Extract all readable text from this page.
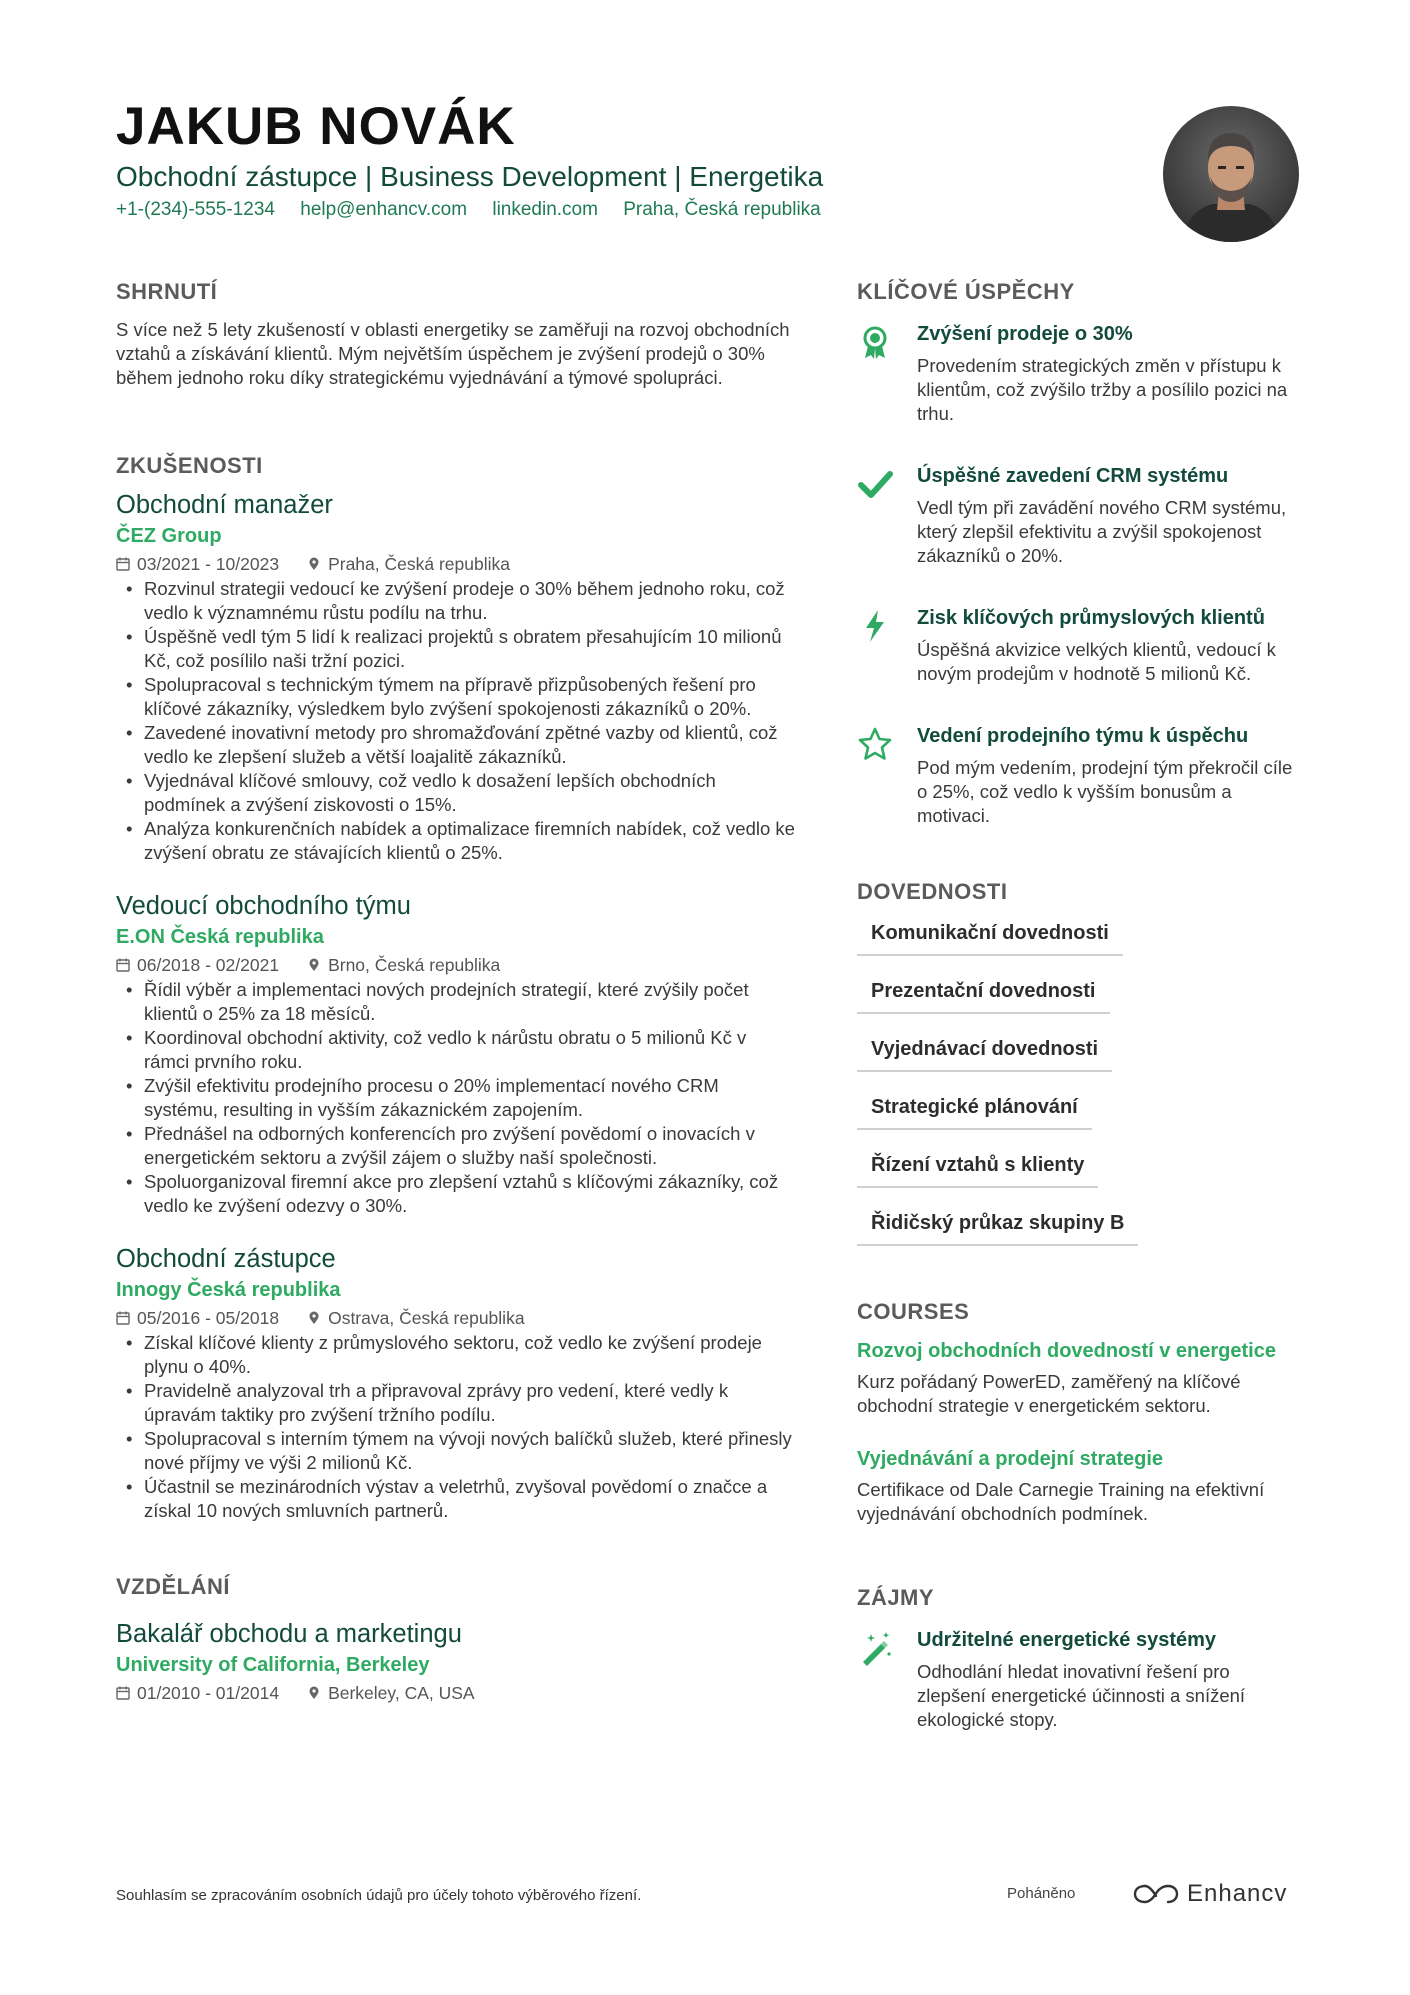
JAKUB NOVÁK
Obchodní zástupce | Business Development | Energetika
+1-(234)-555-1234 help@enhancv.com linkedin.com Praha, Česká republika
SHRNUTÍ

S více než 5 lety zkušeností v oblasti energetiky se zaměřuji na rozvoj obchodních vztahů a získávání klientů. Mým největším úspěchem je zvýšení prodejů o 30% během jednoho roku díky strategickému vyjednávání a týmové spolupráci.

ZKUŠENOSTI
Obchodní manažer
ČEZ Group
03/2021 - 10/2023	Praha, Česká republika
• Rozvinul strategii vedoucí ke zvýšení prodeje o 30% během jednoho roku, což vedlo k významnému růstu podílu na trhu.
• Úspěšně vedl tým 5 lidí k realizaci projektů s obratem přesahujícím 10 milionů Kč, což posílilo naši tržní pozici.
• Spolupracoval s technickým týmem na přípravě přizpůsobených řešení pro klíčové zákazníky, výsledkem bylo zvýšení spokojenosti zákazníků o 20%.
• Zavedené inovativní metody pro shromažďování zpětné vazby od klientů, což vedlo ke zlepšení služeb a větší loajalitě zákazníků.
• Vyjednával klíčové smlouvy, což vedlo k dosažení lepších obchodních podmínek a zvýšení ziskovosti o 15%.
• Analýza konkurenčních nabídek a optimalizace firemních nabídek, což vedlo ke zvýšení obratu ze stávajících klientů o 25%.
Vedoucí obchodního týmu
E.ON Česká republika
06/2018 - 02/2021	Brno, Česká republika
• Řídil výběr a implementaci nových prodejních strategií, které zvýšily počet klientů o 25% za 18 měsíců.
• Koordinoval obchodní aktivity, což vedlo k nárůstu obratu o 5 milionů Kč v rámci prvního roku.
• Zvýšil efektivitu prodejního procesu o 20% implementací nového CRM systému, resulting in vyšším zákaznickém zapojením.
• Přednášel na odborných konferencích pro zvýšení povědomí o inovacích v energetickém sektoru a zvýšil zájem o služby naší společnosti.
• Spoluorganizoval firemní akce pro zlepšení vztahů s klíčovými zákazníky, což vedlo ke zvýšení odezvy o 30%.
Obchodní zástupce
Innogy Česká republika
05/2016 - 05/2018	Ostrava, Česká republika
• Získal klíčové klienty z průmyslového sektoru, což vedlo ke zvýšení prodeje plynu o 40%.
• Pravidelně analyzoval trh a připravoval zprávy pro vedení, které vedly k úpravám taktiky pro zvýšení tržního podílu.
• Spolupracoval s interním týmem na vývoji nových balíčků služeb, které přinesly nové příjmy ve výši 2 milionů Kč.
• Účastnil se mezinárodních výstav a veletrhů, zvyšoval povědomí o značce a získal 10 nových smluvních partnerů.
VZDĚLÁNÍ
Bakalář obchodu a marketingu
University of California, Berkeley
01/2010 - 01/2014	Berkeley, CA, USA
KLÍČOVÉ ÚSPĚCHY
Zvýšení prodeje o 30%
Provedením strategických změn v přístupu k klientům, což zvýšilo tržby a posílilo pozici na trhu.
Úspěšné zavedení CRM systému
Vedl tým při zavádění nového CRM systému, který zlepšil efektivitu a zvýšil spokojenost zákazníků o 20%.
Zisk klíčových průmyslových klientů
Úspěšná akvizice velkých klientů, vedoucí k novým prodejům v hodnotě 5 milionů Kč.
Vedení prodejního týmu k úspěchu
Pod mým vedením, prodejní tým překročil cíle o 25%, což vedlo k vyšším bonusům a motivaci.
DOVEDNOSTI
Komunikační dovednosti
Prezentační dovednosti
Vyjednávací dovednosti
Strategické plánování
Řízení vztahů s klienty
Řidičský průkaz skupiny B
COURSES
Rozvoj obchodních dovedností v energetice
Kurz pořádaný PowerED, zaměřený na klíčové obchodní strategie v energetickém sektoru.
Vyjednávání a prodejní strategie
Certifikace od Dale Carnegie Training na efektivní vyjednávání obchodních podmínek.
ZÁJMY
Udržitelné energetické systémy
Odhodlání hledat inovativní řešení pro zlepšení energetické účinnosti a snížení ekologické stopy.
Souhlasím se zpracováním osobních údajů pro účely tohoto výběrového řízení.	Poháněno	Enhancv
